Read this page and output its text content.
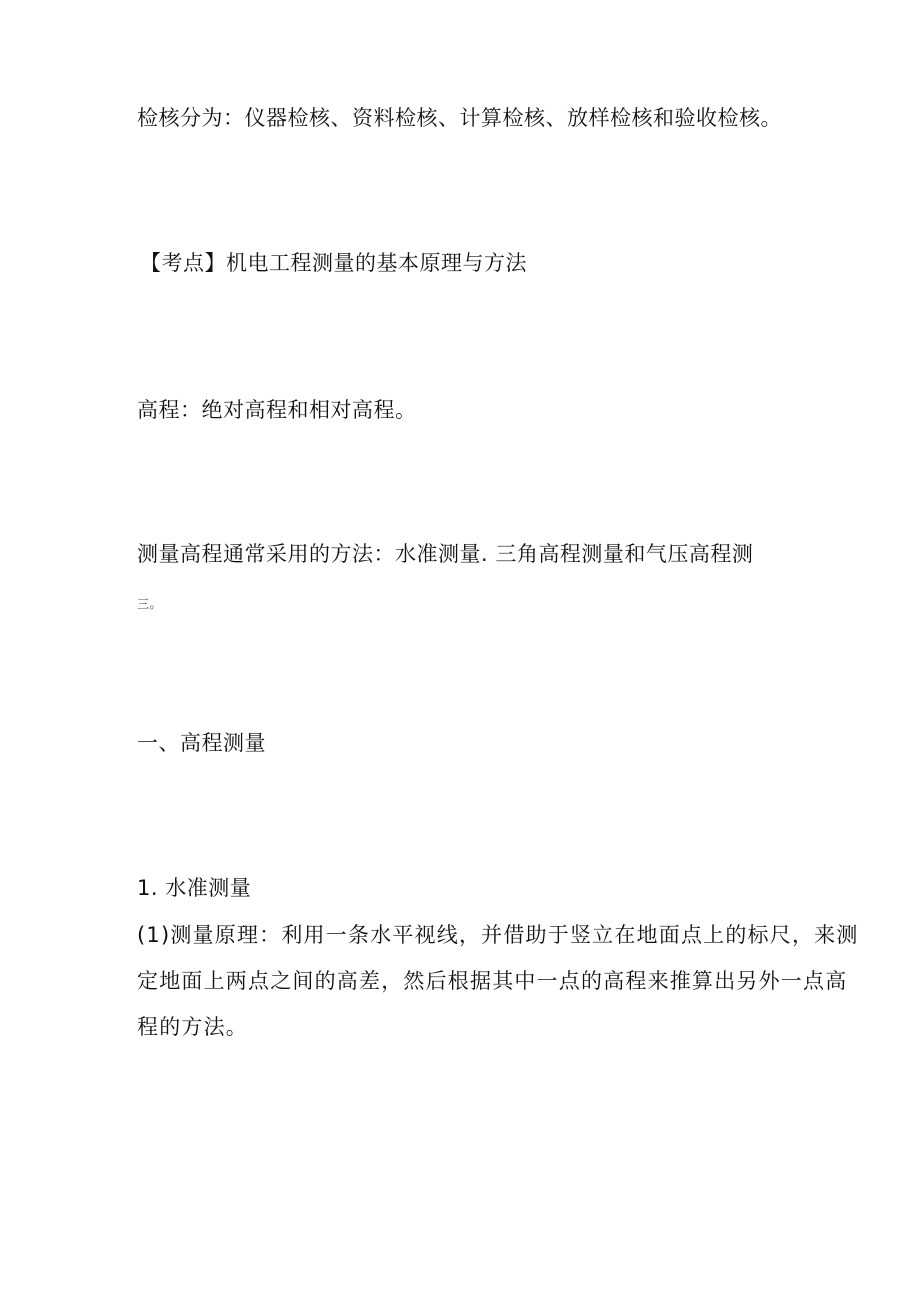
检核分为：仪器检核、资料检核、计算检核、放样检核和验收检核。
【考点】机电工程测量的基本原理与方法
高程：绝对高程和相对高程。
测量高程通常采用的方法：水准测量. 三角高程测量和气压高程测
三。
一、高程测量
1. 水准测量

(1)测量原理：利用一条水平视线，并借助于竖立在地面点上的标尺，来测

定地面上两点之间的高差，然后根据其中一点的高程来推算出另外一点高

程的方法。
